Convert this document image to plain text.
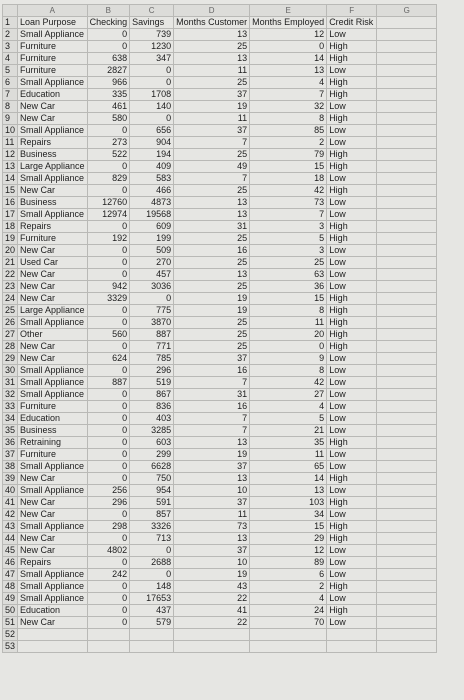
	A	B	C	D	E	F	G
1	Loan Purpose	Checking	Savings	Months Customer	Months Employed	Credit Risk	
2	Small Appliance	0	739	13	12	Low	
3	Furniture	0	1230	25	0	High	
4	Furniture	638	347	13	14	High	
5	Furniture	2827	0	11	13	Low	
6	Small Appliance	966	0	25	4	High	
7	Education	335	1708	37	7	High	
8	New Car	461	140	19	32	Low	
9	New Car	580	0	11	8	High	
10	Small Appliance	0	656	37	85	Low	
11	Repairs	273	904	7	2	Low	
12	Business	522	194	25	79	High	
13	Large Appliance	0	409	49	15	High	
14	Small Appliance	829	583	7	18	Low	
15	New Car	0	466	25	42	High	
16	Business	12760	4873	13	73	Low	
17	Small Appliance	12974	19568	13	7	Low	
18	Repairs	0	609	31	3	High	
19	Furniture	192	199	25	5	High	
20	New Car	0	509	16	3	Low	
21	Used Car	0	270	25	25	Low	
22	New Car	0	457	13	63	Low	
23	New Car	942	3036	25	36	Low	
24	New Car	3329	0	19	15	High	
25	Large Appliance	0	775	19	8	High	
26	Small Appliance	0	3870	25	11	High	
27	Other	560	887	25	20	High	
28	New Car	0	771	25	0	High	
29	New Car	624	785	37	9	Low	
30	Small Appliance	0	296	16	8	Low	
31	Small Appliance	887	519	7	42	Low	
32	Small Appliance	0	867	31	27	Low	
33	Furniture	0	836	16	4	Low	
34	Education	0	403	7	5	Low	
35	Business	0	3285	7	21	Low	
36	Retraining	0	603	13	35	High	
37	Furniture	0	299	19	11	Low	
38	Small Appliance	0	6628	37	65	Low	
39	New Car	0	750	13	14	High	
40	Small Appliance	256	954	10	13	Low	
41	New Car	296	591	37	103	High	
42	New Car	0	857	11	34	Low	
43	Small Appliance	298	3326	73	15	High	
44	New Car	0	713	13	29	High	
45	New Car	4802	0	37	12	Low	
46	Repairs	0	2688	10	89	Low	
47	Small Appliance	242	0	19	6	Low	
48	Small Appliance	0	148	43	2	High	
49	Small Appliance	0	17653	22	4	Low	
50	Education	0	437	41	24	High	
51	New Car	0	579	22	70	Low	
52							
53							
